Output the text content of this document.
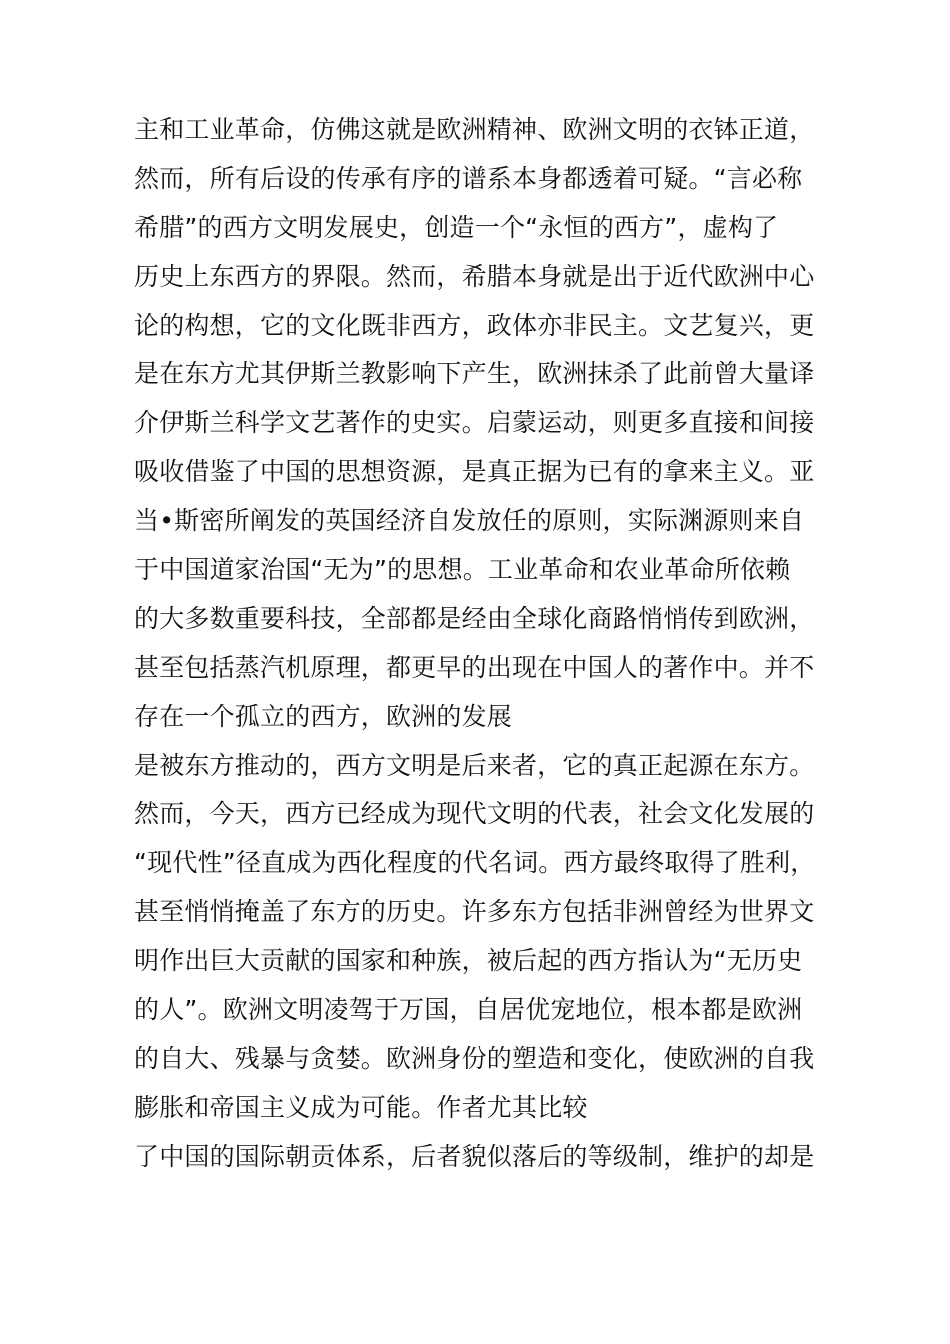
主和工业革命，仿佛这就是欧洲精神、欧洲文明的衣钵正道，
然而，所有后设的传承有序的谱系本身都透着可疑。“言必称
希腊”的西方文明发展史，创造一个“永恒的西方”，虚构了
历史上东西方的界限。然而，希腊本身就是出于近代欧洲中心
论的构想，它的文化既非西方，政体亦非民主。文艺复兴，更
是在东方尤其伊斯兰教影响下产生，欧洲抹杀了此前曾大量译
介伊斯兰科学文艺著作的史实。启蒙运动，则更多直接和间接
吸收借鉴了中国的思想资源，是真正据为已有的拿来主义。亚
当•斯密所阐发的英国经济自发放任的原则，实际渊源则来自
于中国道家治国“无为”的思想。工业革命和农业革命所依赖
的大多数重要科技，全部都是经由全球化商路悄悄传到欧洲，
甚至包括蒸汽机原理，都更早的出现在中国人的著作中。并不
存在一个孤立的西方，欧洲的发展
是被东方推动的，西方文明是后来者，它的真正起源在东方。
然而，今天，西方已经成为现代文明的代表，社会文化发展的
“现代性”径直成为西化程度的代名词。西方最终取得了胜利，
甚至悄悄掩盖了东方的历史。许多东方包括非洲曾经为世界文
明作出巨大贡献的国家和种族，被后起的西方指认为“无历史
的人”。欧洲文明凌驾于万国，自居优宠地位，根本都是欧洲
的自大、残暴与贪婪。欧洲身份的塑造和变化，使欧洲的自我
膨胀和帝国主义成为可能。作者尤其比较
了中国的国际朝贡体系，后者貌似落后的等级制，维护的却是
